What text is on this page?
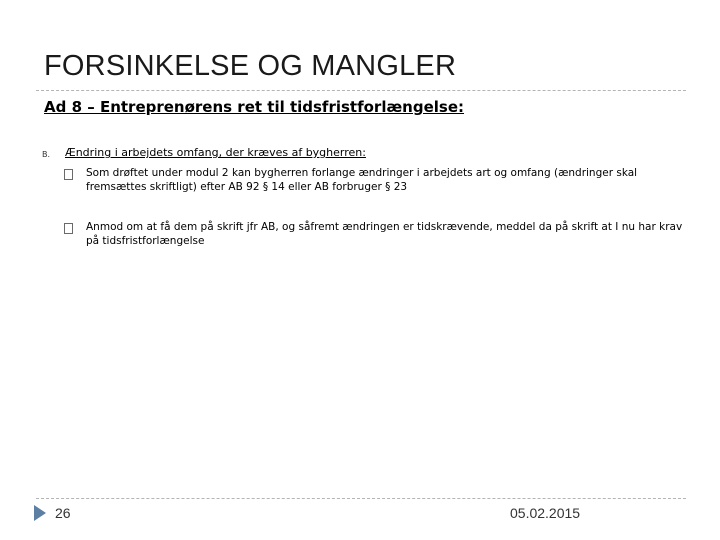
FORSINKELSE OG MANGLER
Ad 8 – Entreprenørens ret til tidsfristforlængelse:
B. Ændring i arbejdets omfang, der kræves af bygherren:
Som drøftet under modul 2 kan bygherren forlange ændringer i arbejdets art og omfang (ændringer skal fremsættes skriftligt) efter AB 92 § 14 eller AB forbruger § 23
Anmod om at få dem på skrift jfr AB, og såfremt ændringen er tidskrævende, meddel da på skrift at I nu har krav på tidsfristforlængelse
26	05.02.2015
